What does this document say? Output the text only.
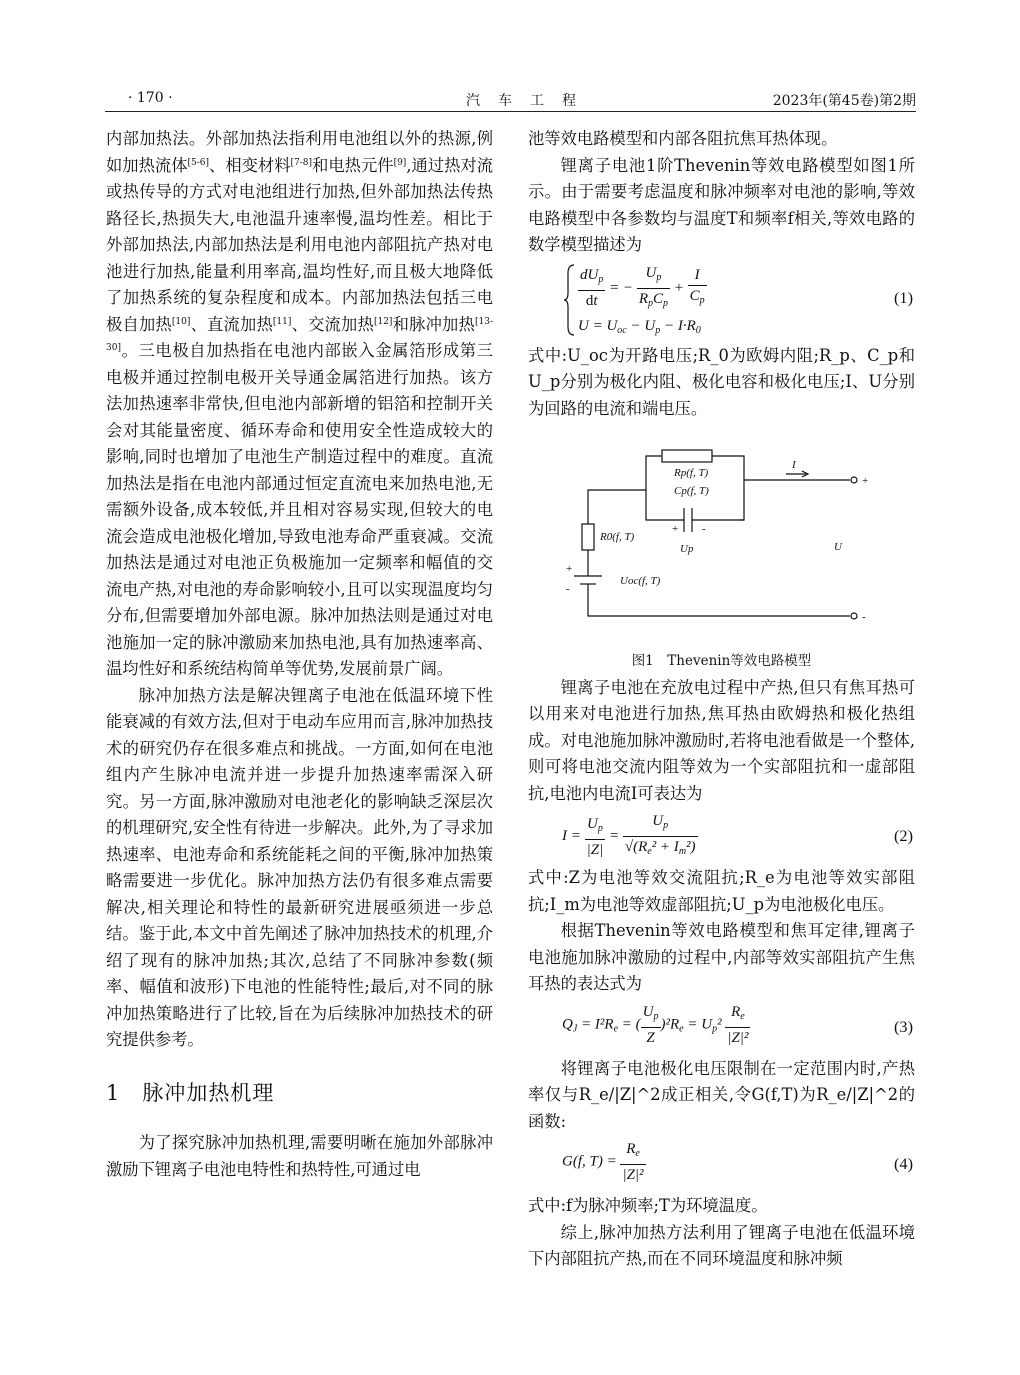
· 170 ·	汽　车　工　程	2023年(第45卷)第2期

内部加热法。外部加热法指利用电池组以外的热源,例如加热流体[5-6]、相变材料[7-8]和电热元件[9],通过热对流或热传导的方式对电池组进行加热,但外部加热法传热路径长,热损失大,电池温升速率慢,温均性差。相比于外部加热法,内部加热法是利用电池内部阻抗产热对电池进行加热,能量利用率高,温均性好,而且极大地降低了加热系统的复杂程度和成本。内部加热法包括三电极自加热[10]、直流加热[11]、交流加热[12]和脉冲加热[13-30]。三电极自加热指在电池内部嵌入金属箔形成第三电极并通过控制电极开关导通金属箔进行加热。该方法加热速率非常快,但电池内部新增的铝箔和控制开关会对其能量密度、循环寿命和使用安全性造成较大的影响,同时也增加了电池生产制造过程中的难度。直流加热法是指在电池内部通过恒定直流电来加热电池,无需额外设备,成本较低,并且相对容易实现,但较大的电流会造成电池极化增加,导致电池寿命严重衰减。交流加热法是通过对电池正负极施加一定频率和幅值的交流电产热,对电池的寿命影响较小,且可以实现温度均匀分布,但需要增加外部电源。脉冲加热法则是通过对电池施加一定的脉冲激励来加热电池,具有加热速率高、温均性好和系统结构简单等优势,发展前景广阔。

脉冲加热方法是解决锂离子电池在低温环境下性能衰减的有效方法,但对于电动车应用而言,脉冲加热技术的研究仍存在很多难点和挑战。一方面,如何在电池组内产生脉冲电流并进一步提升加热速率需深入研究。另一方面,脉冲激励对电池老化的影响缺乏深层次的机理研究,安全性有待进一步解决。此外,为了寻求加热速率、电池寿命和系统能耗之间的平衡,脉冲加热策略需要进一步优化。脉冲加热方法仍有很多难点需要解决,相关理论和特性的最新研究进展亟须进一步总结。鉴于此,本文中首先阐述了脉冲加热技术的机理,介绍了现有的脉冲加热;其次,总结了不同脉冲参数(频率、幅值和波形)下电池的性能特性;最后,对不同的脉冲加热策略进行了比较,旨在为后续脉冲加热技术的研究提供参考。

1　脉冲加热机理

为了探究脉冲加热机理,需要明晰在施加外部脉冲激励下锂离子电池电特性和热特性,可通过电

池等效电路模型和内部各阻抗焦耳热体现。

锂离子电池1阶Thevenin等效电路模型如图1所示。由于需要考虑温度和脉冲频率对电池的影响,等效电路模型中各参数均与温度T和频率f相关,等效电路的数学模型描述为

$dU_p$
dt
= −
$U_p$
$R_pC_p$
+ $\frac{I}{C_p}$
$U = U_{oc} - U_p - I\cdot R_0$
(1)

式中:U_oc为开路电压;R_0为欧姆内阻;R_p、C_p和U_p分别为极化内阻、极化电容和极化电压;I、U分别为回路的电流和端电压。

Rp(f, T)
Cp(f, T)
R0(f, T)
Up
Uoc(f, T)
I
U
+
-
+ -
+
-

图1　Thevenin等效电路模型

锂离子电池在充放电过程中产热,但只有焦耳热可以用来对电池进行加热,焦耳热由欧姆热和极化热组成。对电池施加脉冲激励时,若将电池看做是一个整体,则可将电池交流内阻等效为一个实部阻抗和一虚部阻抗,电池内电流I可表达为

$I = \frac{U_p}{|Z|} = \frac{U_p}{√(R_e^2 + I_m^2)}$	(2)

式中:Z为电池等效交流阻抗;R_e为电池等效实部阻抗;I_m为电池等效虚部阻抗;U_p为电池极化电压。

根据Thevenin等效电路模型和焦耳定律,锂离子电池施加脉冲激励的过程中,内部等效实部阻抗产生焦耳热的表达式为

$Q_J = I^2R_e$ = ( $\frac{U_p}{Z} )^2R_e = U_p^2 \frac{R_e}{\text{|Z|²}}$	(3)

将锂离子电池极化电压限制在一定范围内时,产热率仅与R_e/|Z|^2成正相关,令G(f,T)为R_e/|Z|^2的函数:

G(f, $T) = \frac{R_e}{\text{|Z|²}}$	(4)

式中:f为脉冲频率;T为环境温度。

综上,脉冲加热方法利用了锂离子电池在低温环境下内部阻抗产热,而在不同环境温度和脉冲频
